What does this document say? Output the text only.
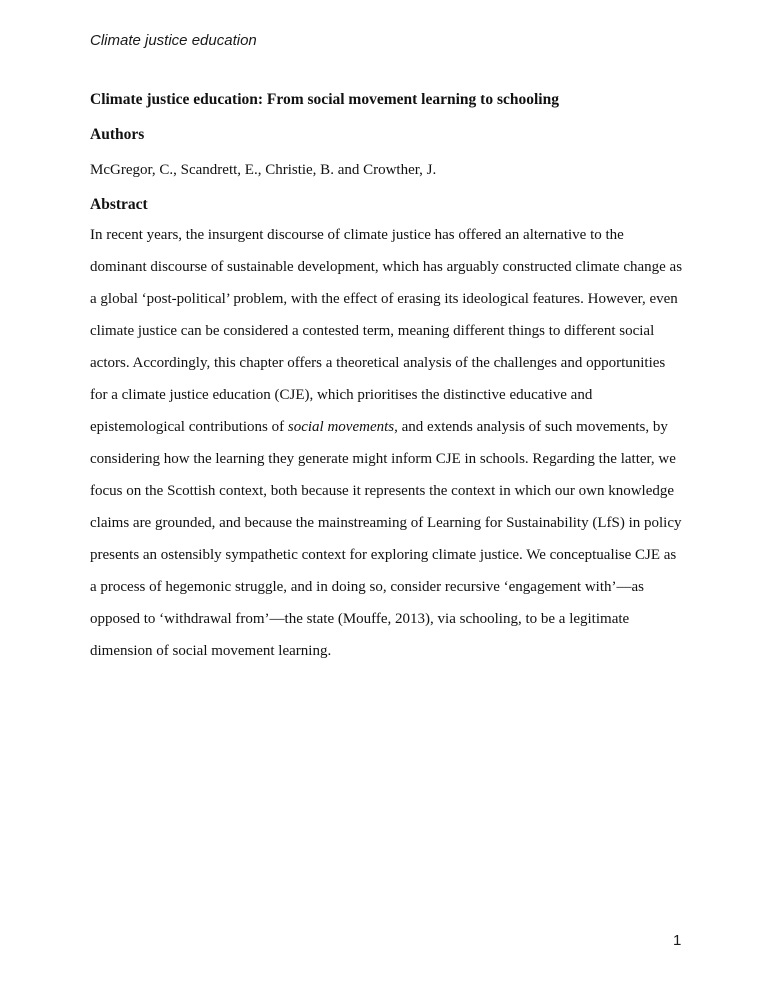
Climate justice education
Climate justice education: From social movement learning to schooling
Authors

McGregor, C., Scandrett, E., Christie, B. and Crowther, J.

Abstract

In recent years, the insurgent discourse of climate justice has offered an alternative to the dominant discourse of sustainable development, which has arguably constructed climate change as a global ‘post-political’ problem, with the effect of erasing its ideological features. However, even climate justice can be considered a contested term, meaning different things to different social actors. Accordingly, this chapter offers a theoretical analysis of the challenges and opportunities for a climate justice education (CJE), which prioritises the distinctive educative and epistemological contributions of social movements, and extends analysis of such movements, by considering how the learning they generate might inform CJE in schools. Regarding the latter, we focus on the Scottish context, both because it represents the context in which our own knowledge claims are grounded, and because the mainstreaming of Learning for Sustainability (LfS) in policy presents an ostensibly sympathetic context for exploring climate justice. We conceptualise CJE as a process of hegemonic struggle, and in doing so, consider recursive ‘engagement with’—as opposed to ‘withdrawal from’—the state (Mouffe, 2013), via schooling, to be a legitimate dimension of social movement learning.

1
